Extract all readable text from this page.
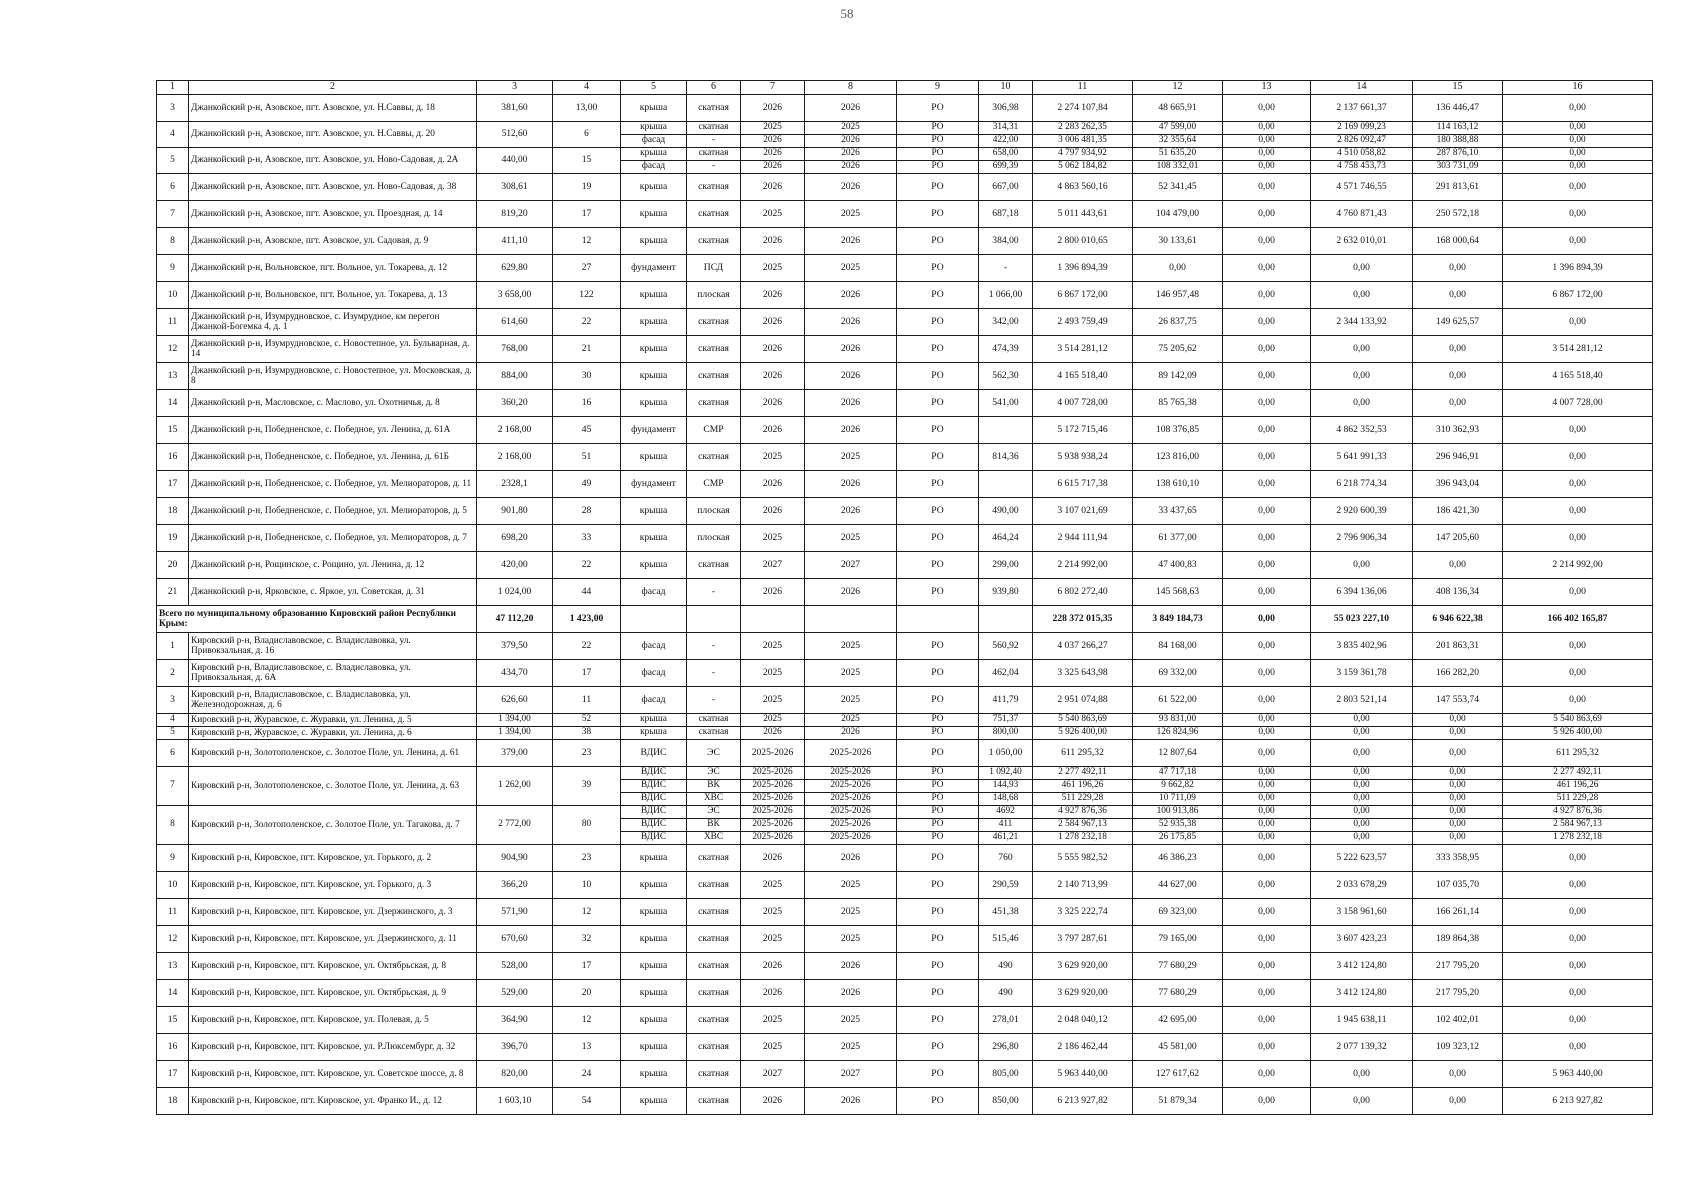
58
1	2	3	4	5	6	7	8	9	10	11	12	13	14	15	16
3	Джанкойский р-н, Азовское, пгт. Азовское, ул. Н.Саввы, д. 18	381,60	13,00	крыша	скатная	2026	2026	РО	306,98	2 274 107,84	48 665,91	0,00	2 137 661,37	136 446,47	0,00
4	Джанкойский р-н, Азовское, пгт. Азовское, ул. Н.Саввы, д. 20	512,60	6	крыша	скатная	2025	2025	РО	314,31	2 283 262,35	47 599,00	0,00	2 169 099,23	114 163,12	0,00
				фасад	-	2026	2026	РО	422,00	3 006 481,35	32 355,64	0,00	2 826 092,47	180 388,88	0,00
5	Джанкойский р-н, Азовское, пгт. Азовское, ул. Ново-Садовая, д. 2А	440,00	15	крыша	скатная	2026	2026	РО	658,00	4 797 934,92	51 635,20	0,00	4 510 058,82	287 876,10	0,00
				фасад	-	2026	2026	РО	699,39	5 062 184,82	108 332,01	0,00	4 758 453,73	303 731,09	0,00
6	Джанкойский р-н, Азовское, пгт. Азовское, ул. Ново-Садовая, д. 38	308,61	19	крыша	скатная	2026	2026	РО	667,00	4 863 560,16	52 341,45	0,00	4 571 746,55	291 813,61	0,00
7	Джанкойский р-н, Азовское, пгт. Азовское, ул. Проездная, д. 14	819,20	17	крыша	скатная	2025	2025	РО	687,18	5 011 443,61	104 479,00	0,00	4 760 871,43	250 572,18	0,00
8	Джанкойский р-н, Азовское, пгт. Азовское, ул. Садовая, д. 9	411,10	12	крыша	скатная	2026	2026	РО	384,00	2 800 010,65	30 133,61	0,00	2 632 010,01	168 000,64	0,00
9	Джанкойский р-н, Вольновское, пгт. Вольное, ул. Токарева, д. 12	629,80	27	фундамент	ПСД	2025	2025	РО	-	1 396 894,39	0,00	0,00	0,00	0,00	1 396 894,39
10	Джанкойский р-н, Вольновское, пгт. Вольное, ул. Токарева, д. 13	3 658,00	122	крыша	плоская	2026	2026	РО	1 066,00	6 867 172,00	146 957,48	0,00	0,00	0,00	6 867 172,00
11	Джанкойский р-н, Изумрудновское, с. Изумрудное, км перегон Джанкой-Богемка 4, д. 1	614,60	22	крыша	скатная	2026	2026	РО	342,00	2 493 759,49	26 837,75	0,00	2 344 133,92	149 625,57	0,00
12	Джанкойский р-н, Изумрудновское, с. Новостепное, ул. Бульварная, д. 14	768,00	21	крыша	скатная	2026	2026	РО	474,39	3 514 281,12	75 205,62	0,00	0,00	0,00	3 514 281,12
13	Джанкойский р-н, Изумрудновское, с. Новостепное, ул. Московская, д. 8	884,00	30	крыша	скатная	2026	2026	РО	562,30	4 165 518,40	89 142,09	0,00	0,00	0,00	4 165 518,40
14	Джанкойский р-н, Масловское, с. Маслово, ул. Охотничья, д. 8	360,20	16	крыша	скатная	2026	2026	РО	541,00	4 007 728,00	85 765,38	0,00	0,00	0,00	4 007 728,00
15	Джанкойский р-н, Победненское, с. Победное, ул. Ленина, д. 61А	2 168,00	45	фундамент	СМР	2026	2026	РО		5 172 715,46	108 376,85	0,00	4 862 352,53	310 362,93	0,00
16	Джанкойский р-н, Победненское, с. Победное, ул. Ленина, д. 61Б	2 168,00	51	крыша	скатная	2025	2025	РО	814,36	5 938 938,24	123 816,00	0,00	5 641 991,33	296 946,91	0,00
17	Джанкойский р-н, Победненское, с. Победное, ул. Мелиораторов, д. 11	2328,1	49	фундамент	СМР	2026	2026	РО		6 615 717,38	138 610,10	0,00	6 218 774,34	396 943,04	0,00
18	Джанкойский р-н, Победненское, с. Победное, ул. Мелиораторов, д. 5	901,80	28	крыша	плоская	2026	2026	РО	490,00	3 107 021,69	33 437,65	0,00	2 920 600,39	186 421,30	0,00
19	Джанкойский р-н, Победненское, с. Победное, ул. Мелиораторов, д. 7	698,20	33	крыша	плоская	2025	2025	РО	464,24	2 944 111,94	61 377,00	0,00	2 796 906,34	147 205,60	0,00
20	Джанкойский р-н, Рощинское, с. Рощино, ул. Ленина, д. 12	420,00	22	крыша	скатная	2027	2027	РО	299,00	2 214 992,00	47 400,83	0,00	0,00	0,00	2 214 992,00
21	Джанкойский р-н, Ярковское, с. Яркое, ул. Советская, д. 31	1 024,00	44	фасад	-	2026	2026	РО	939,80	6 802 272,40	145 568,63	0,00	6 394 136,06	408 136,34	0,00
Всего по муниципальному образованию Кировский район Республики Крым:		47 112,20	1 423,00							228 372 015,35	3 849 184,73	0,00	55 023 227,10	6 946 622,38	166 402 165,87
1	Кировский р-н, Владиславовское, с. Владиславовка, ул. Привокзальная, д. 16	379,50	22	фасад	-	2025	2025	РО	560,92	4 037 266,27	84 168,00	0,00	3 835 402,96	201 863,31	0,00
2	Кировский р-н, Владиславовское, с. Владиславовка, ул. Привокзальная, д. 6А	434,70	17	фасад	-	2025	2025	РО	462,04	3 325 643,98	69 332,00	0,00	3 159 361,78	166 282,20	0,00
3	Кировский р-н, Владиславовское, с. Владиславовка, ул. Железнодорожная, д. 6	626,60	11	фасад	-	2025	2025	РО	411,79	2 951 074,88	61 522,00	0,00	2 803 521,14	147 553,74	0,00
4	Кировский р-н, Журавское, с. Журавки, ул. Ленина, д. 5	1 394,00	52	крыша	скатная	2025	2025	РО	751,37	5 540 863,69	93 831,00	0,00	0,00	0,00	5 540 863,69
5	Кировский р-н, Журавское, с. Журавки, ул. Ленина, д. 6	1 394,00	38	крыша	скатная	2026	2026	РО	800,00	5 926 400,00	126 824,96	0,00	0,00	0,00	5 926 400,00
6	Кировский р-н, Золотополенское, с. Золотое Поле, ул. Ленина, д. 61	379,00	23	ВДИС	ЭС	2025-2026	2025-2026	РО	1 050,00	611 295,32	12 807,64	0,00	0,00	0,00	611 295,32
7	Кировский р-н, Золотополенское, с. Золотое Поле, ул. Ленина, д. 63	1 262,00	39	ВДИС	ЭС	2025-2026	2025-2026	РО	1 092,40	2 277 492,11	47 717,18	0,00	0,00	0,00	2 277 492,11
				ВДИС	ВК	2025-2026	2025-2026	РО	144,93	461 196,26	9 662,82	0,00	0,00	0,00	461 196,26
				ВДИС	ХВС	2025-2026	2025-2026	РО	148,68	511 229,28	10 711,09	0,00	0,00	0,00	511 229,28
8	Кировский р-н, Золотополенское, с. Золотое Поле, ул. Тагакова, д. 7	2 772,00	80	ВДИС	ЭС	2025-2026	2025-2026	РО	4692	4 927 876,36	100 913,86	0,00	0,00	0,00	4 927 876,36
				ВДИС	ВК	2025-2026	2025-2026	РО	411	2 584 967,13	52 935,38	0,00	0,00	0,00	2 584 967,13
				ВДИС	ХВС	2025-2026	2025-2026	РО	461,21	1 278 232,18	26 175,85	0,00	0,00	0,00	1 278 232,18
9	Кировский р-н, Кировское, пгт. Кировское, ул. Горького, д. 2	904,90	23	крыша	скатная	2026	2026	РО	760	5 555 982,52	46 386,23	0,00	5 222 623,57	333 358,95	0,00
10	Кировский р-н, Кировское, пгт. Кировское, ул. Горького, д. 3	366,20	10	крыша	скатная	2025	2025	РО	290,59	2 140 713,99	44 627,00	0,00	2 033 678,29	107 035,70	0,00
11	Кировский р-н, Кировское, пгт. Кировское, ул. Дзержинского, д. 3	571,90	12	крыша	скатная	2025	2025	РО	451,38	3 325 222,74	69 323,00	0,00	3 158 961,60	166 261,14	0,00
12	Кировский р-н, Кировское, пгт. Кировское, ул. Дзержинского, д. 11	670,60	32	крыша	скатная	2025	2025	РО	515,46	3 797 287,61	79 165,00	0,00	3 607 423,23	189 864,38	0,00
13	Кировский р-н, Кировское, пгт. Кировское, ул. Октябрьская, д. 8	528,00	17	крыша	скатная	2026	2026	РО	490	3 629 920,00	77 680,29	0,00	3 412 124,80	217 795,20	0,00
14	Кировский р-н, Кировское, пгт. Кировское, ул. Октябрьская, д. 9	529,00	20	крыша	скатная	2026	2026	РО	490	3 629 920,00	77 680,29	0,00	3 412 124,80	217 795,20	0,00
15	Кировский р-н, Кировское, пгт. Кировское, ул. Полевая, д. 5	364,90	12	крыша	скатная	2025	2025	РО	278,01	2 048 040,12	42 695,00	0,00	1 945 638,11	102 402,01	0,00
16	Кировский р-н, Кировское, пгт. Кировское, ул. Р.Люксембург, д. 32	396,70	13	крыша	скатная	2025	2025	РО	296,80	2 186 462,44	45 581,00	0,00	2 077 139,32	109 323,12	0,00
17	Кировский р-н, Кировское, пгт. Кировское, ул. Советское шоссе, д. 8	820,00	24	крыша	скатная	2027	2027	РО	805,00	5 963 440,00	127 617,62	0,00	0,00	0,00	5 963 440,00
18	Кировский р-н, Кировское, пгт. Кировское, ул. Франко И., д. 12	1 603,10	54	крыша	скатная	2026	2026	РО	850,00	6 213 927,82	51 879,34	0,00	0,00	0,00	6 213 927,82
